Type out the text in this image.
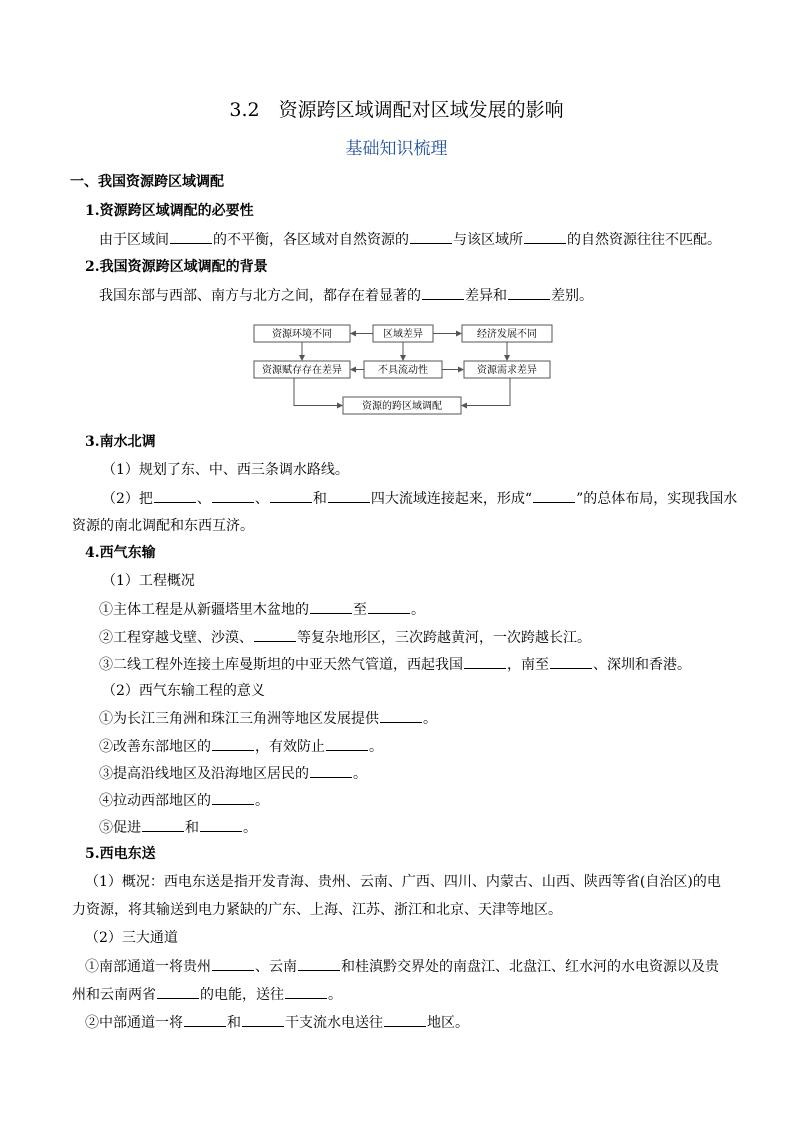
3.2　资源跨区域调配对区域发展的影响
基础知识梳理
一、我国资源跨区域调配
1.资源跨区域调配的必要性
由于区域间	的不平衡，各区域对自然资源的	与该区域所	的自然资源往往不匹配。
2.我国资源跨区域调配的背景
我国东部与西部、南方与北方之间，都存在着显著的	差异和	差别。
资源环境不同	区域差异	经济发展不同
资源赋存存在差异	不具流动性	资源需求差异
资源的跨区域调配
3.南水北调
（1）规划了东、中、西三条调水路线。
（2）把	、	、	和	四大流域连接起来，形成“	”的总体布局，实现我国水
资源的南北调配和东西互济。
4.西气东输
（1）工程概况
①主体工程是从新疆塔里木盆地的	至	。
②工程穿越戈壁、沙漠、	等复杂地形区，三次跨越黄河，一次跨越长江。
③二线工程外连接土库曼斯坦的中亚天然气管道，西起我国	，南至	、深圳和香港。
（2）西气东输工程的意义
①为长江三角洲和珠江三角洲等地区发展提供	。
②改善东部地区的	，有效防止	。
③提高沿线地区及沿海地区居民的	。
④拉动西部地区的	。
⑤促进	和	。
5.西电东送
（1）概况：西电东送是指开发青海、贵州、云南、广西、四川、内蒙古、山西、陕西等省(自治区)的电
力资源，将其输送到电力紧缺的广东、上海、江苏、浙江和北京、天津等地区。
（2）三大通道
①南部通道一将贵州	、云南	和桂滇黔交界处的南盘江、北盘江、红水河的水电资源以及贵
州和云南两省	的电能，送往	。
②中部通道一将	和	干支流水电送往	地区。
